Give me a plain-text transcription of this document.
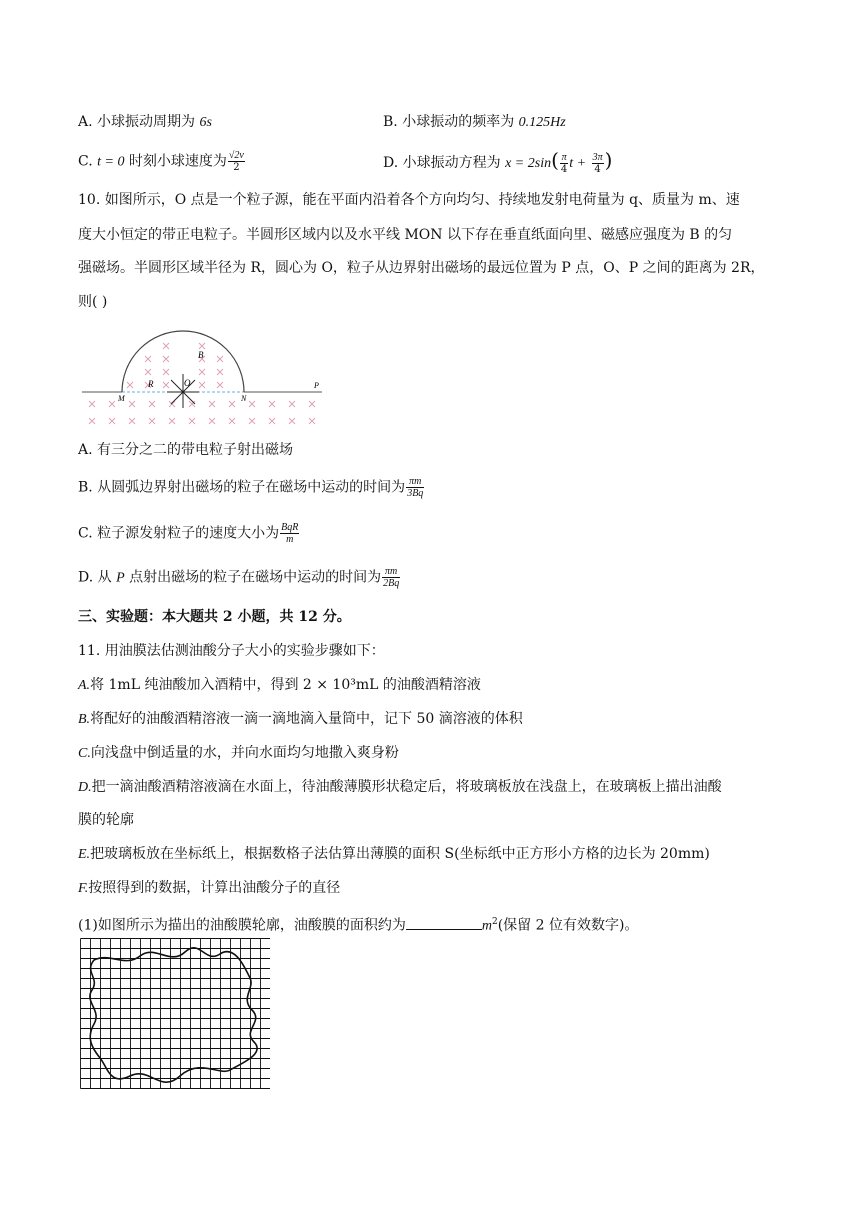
A. 小球振动周期为 6s	B. 小球振动的频率为 0.125Hz
C. t = 0 时刻小球速度为 $\frac{√2v}{2}$	D. 小球振动方程为 $x = 2\sin( \frac{\pi}{4}$ $t + \frac{3\pi}{4}$ )
10. 如图所示，O 点是一个粒子源，能在平面内沿着各个方向均匀、持续地发射电荷量为 q、质量为 m、速
度大小恒定的带正电粒子。半圆形区域内以及水平线 MON 以下存在垂直纸面向里、磁感应强度为 B 的匀
强磁场。半圆形区域半径为 R，圆心为 O，粒子从边界射出磁场的最远位置为 P 点，O、P 之间的距离为 2R，
则( )
B
R	O
M	N
P
A. 有三分之二的带电粒子射出磁场
B. 从圆弧边界射出磁场的粒子在磁场中运动的时间为 $\frac{\pi m}{3Bq}$
C. 粒子源发射粒子的速度大小为 $\frac{\text{BqR}}{m}$
D. 从 P 点射出磁场的粒子在磁场中运动的时间为 $\frac{\pi m}{2Bq}$
三、实验题：本大题共 2 小题，共 12 分。
11. 用油膜法估测油酸分子大小的实验步骤如下：
A.将 1mL 纯油酸加入酒精中，得到 2 × 10³mL 的油酸酒精溶液
B.将配好的油酸酒精溶液一滴一滴地滴入量筒中，记下 50 滴溶液的体积
C.向浅盘中倒适量的水，并向水面均匀地撒入爽身粉
D.把一滴油酸酒精溶液滴在水面上，待油酸薄膜形状稳定后，将玻璃板放在浅盘上，在玻璃板上描出油酸
膜的轮廓
E.把玻璃板放在坐标纸上，根据数格子法估算出薄膜的面积 S(坐标纸中正方形小方格的边长为 20mm)
F.按照得到的数据，计算出油酸分子的直径
(1)如图所示为描出的油酸膜轮廓，油酸膜的面积约为	$m^2$(保留 2 位有效数字)。
